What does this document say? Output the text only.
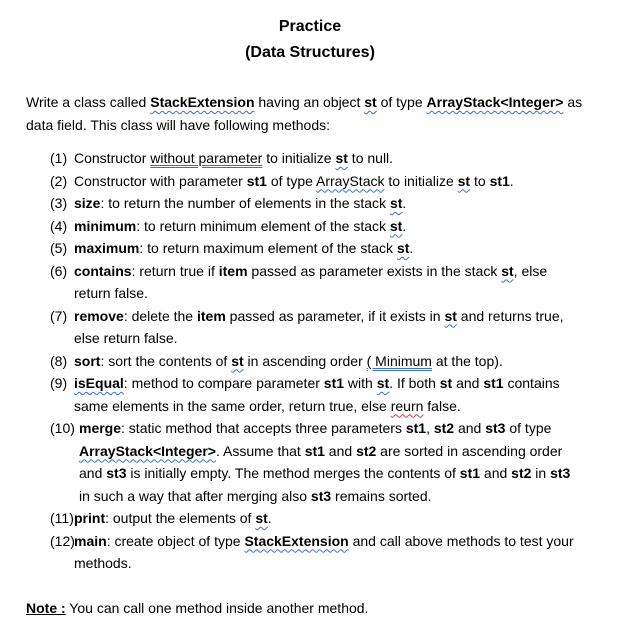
Practice
(Data Structures)
Write a class called StackExtension having an object st of type ArrayStack<Integer> as data field. This class will have following methods:
(1) Constructor without parameter to initialize st to null.
(2) Constructor with parameter st1 of type ArrayStack to initialize st to st1.
(3) size: to return the number of elements in the stack st.
(4) minimum: to return minimum element of the stack st.
(5) maximum: to return maximum element of the stack st.
(6) contains: return true if item passed as parameter exists in the stack st, else
return false.
(7) remove: delete the item passed as parameter, if it exists in st and returns true,
else return false.
(8) sort: sort the contents of st in ascending order ( Minimum at the top).
(9) isEqual: method to compare parameter st1 with st. If both st and st1 contains
same elements in the same order, return true, else reurn false.
(10) merge: static method that accepts three parameters st1, st2 and st3 of type
ArrayStack<Integer>. Assume that st1 and st2 are sorted in ascending order
and st3 is initially empty. The method merges the contents of st1 and st2 in st3
in such a way that after merging also st3 remains sorted.
(11) print: output the elements of st.
(12) main: create object of type StackExtension and call above methods to test your
methods.
Note : You can call one method inside another method.
